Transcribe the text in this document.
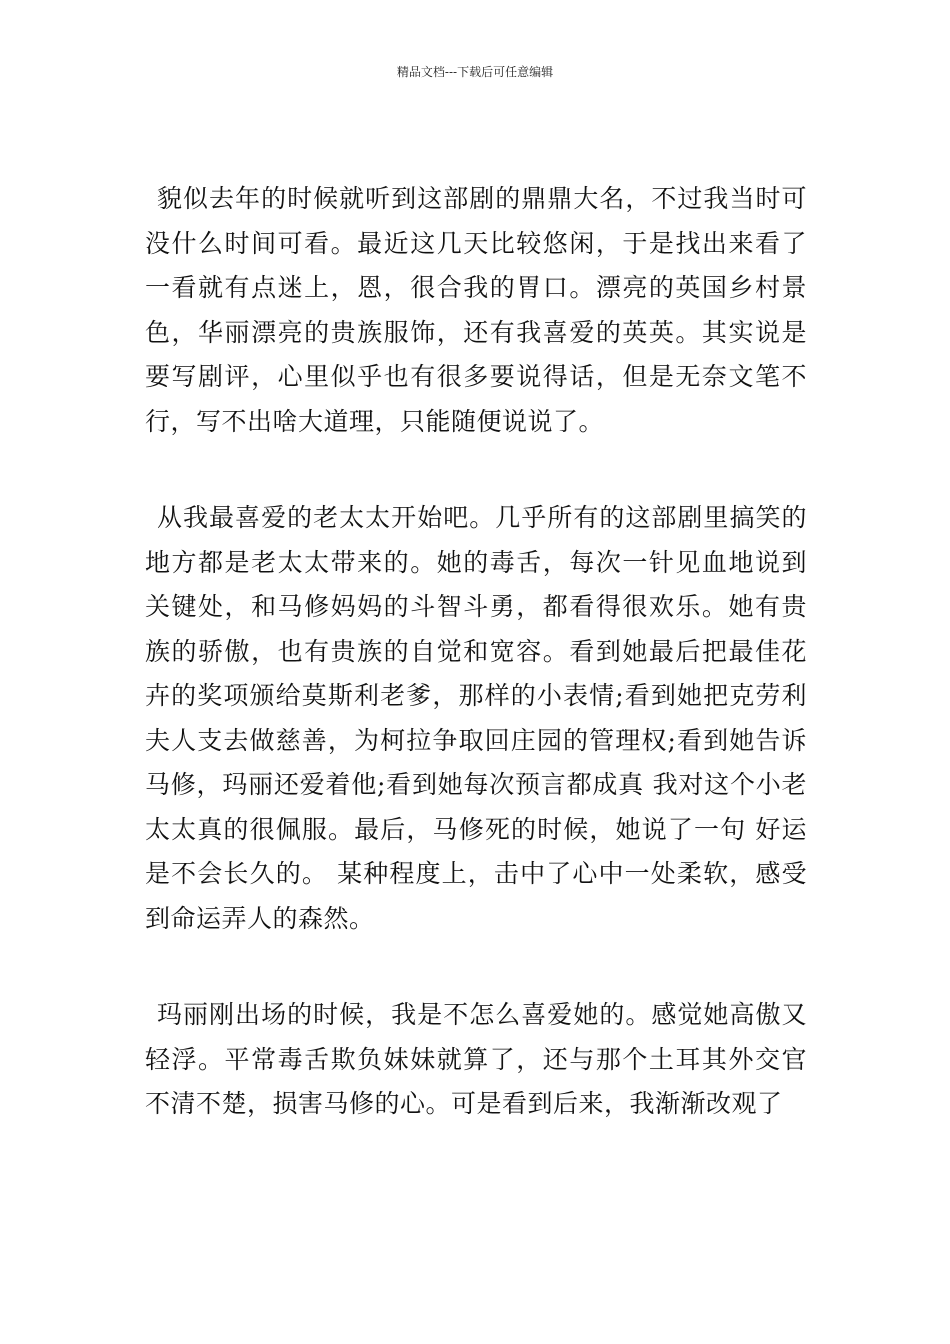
精品文档---下载后可任意编辑

貌似去年的时候就听到这部剧的鼎鼎大名，不过我当时可没什么时间可看。最近这几天比较悠闲，于是找出来看了一看就有点迷上，恩，很合我的胃口。漂亮的英国乡村景色，华丽漂亮的贵族服饰，还有我喜爱的英英。其实说是要写剧评，心里似乎也有很多要说得话，但是无奈文笔不行，写不出啥大道理，只能随便说说了。

从我最喜爱的老太太开始吧。几乎所有的这部剧里搞笑的地方都是老太太带来的。她的毒舌，每次一针见血地说到关键处，和马修妈妈的斗智斗勇，都看得很欢乐。她有贵族的骄傲，也有贵族的自觉和宽容。看到她最后把最佳花卉的奖项颁给莫斯利老爹，那样的小表情;看到她把克劳利夫人支去做慈善，为柯拉争取回庄园的管理权;看到她告诉马修，玛丽还爱着他;看到她每次预言都成真 我对这个小老太太真的很佩服。最后，马修死的时候，她说了一句 好运是不会长久的。 某种程度上，击中了心中一处柔软，感受到命运弄人的森然。

玛丽刚出场的时候，我是不怎么喜爱她的。感觉她高傲又轻浮。平常毒舌欺负妹妹就算了，还与那个土耳其外交官不清不楚，损害马修的心。可是看到后来，我渐渐改观了
